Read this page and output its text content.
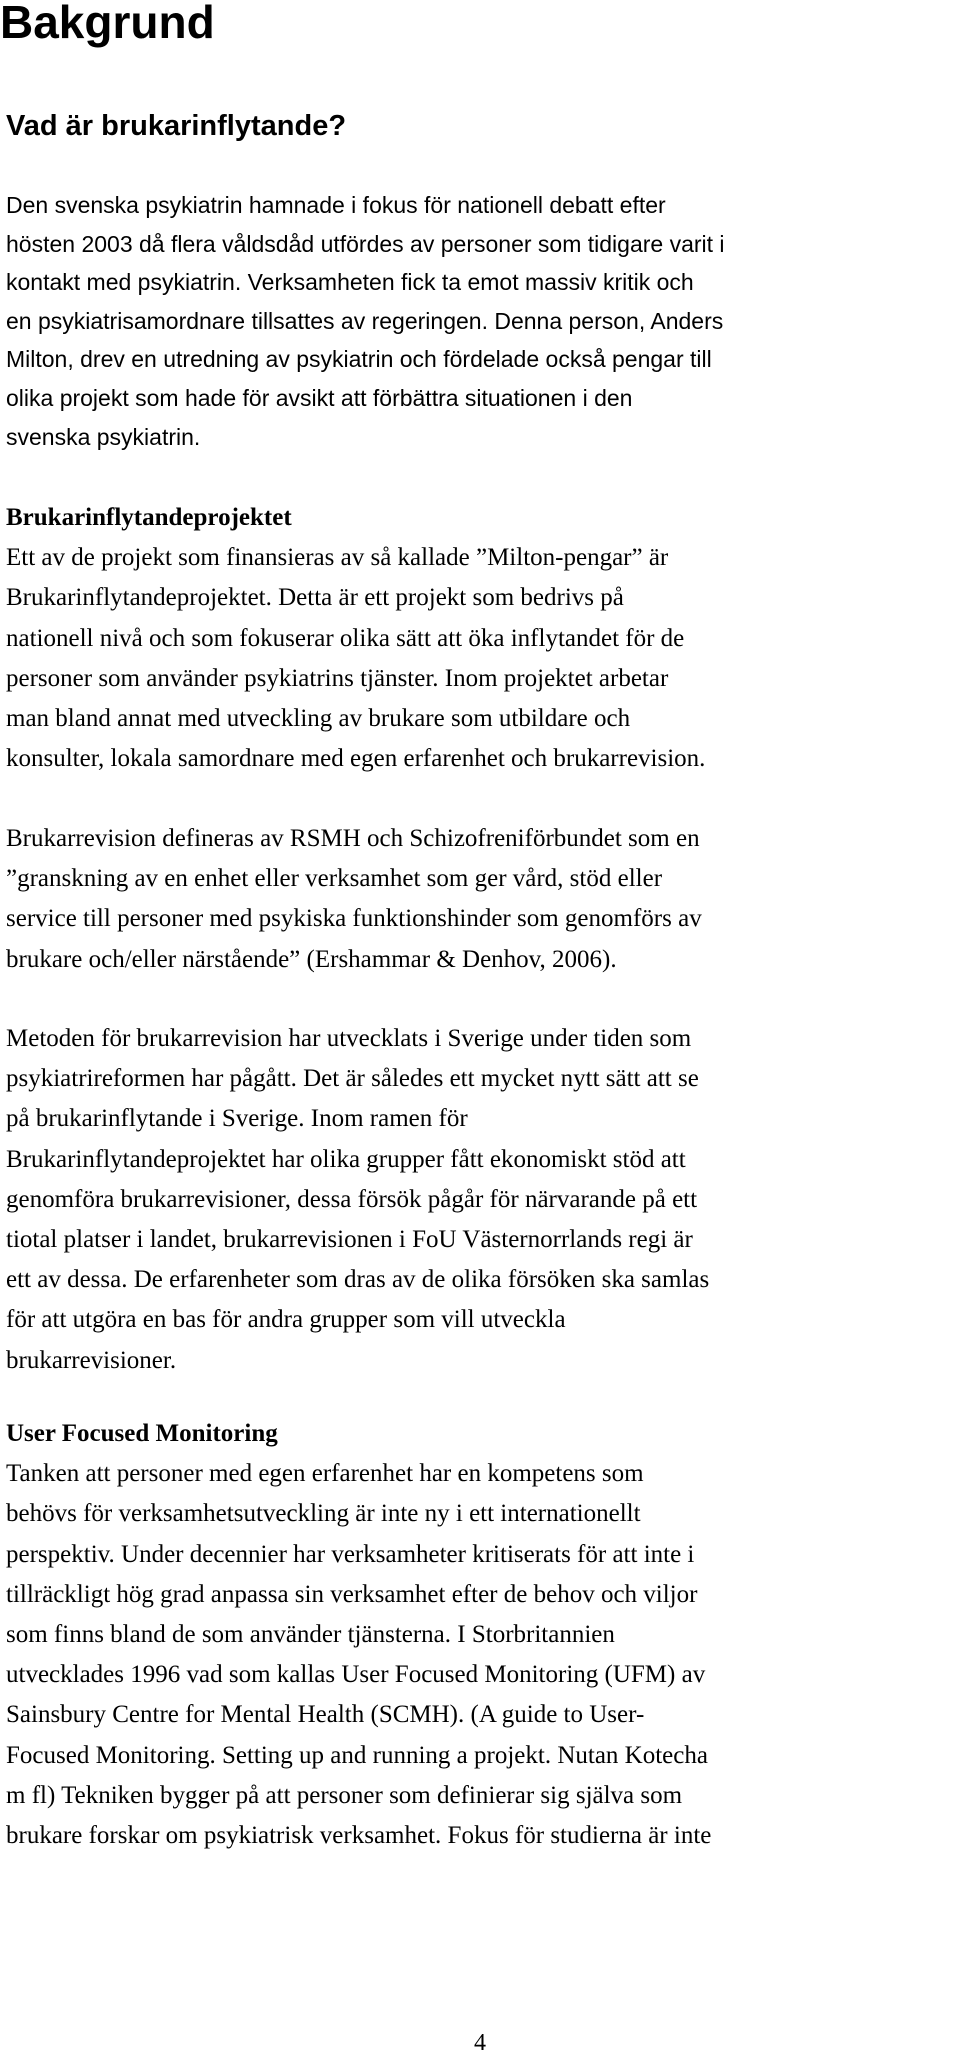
Bakgrund
Vad är brukarinflytande?
Den svenska psykiatrin hamnade i fokus för nationell debatt efter
hösten 2003 då flera våldsdåd utfördes av personer som tidigare varit i
kontakt med psykiatrin. Verksamheten fick ta emot massiv kritik och
en psykiatrisamordnare tillsattes av regeringen. Denna person, Anders
Milton, drev en utredning av psykiatrin och fördelade också pengar till
olika projekt som hade för avsikt att förbättra situationen i den
svenska psykiatrin.
Brukarinflytandeprojektet
Ett av de projekt som finansieras av så kallade ”Milton-pengar” är
Brukarinflytandeprojektet. Detta är ett projekt som bedrivs på
nationell nivå och som fokuserar olika sätt att öka inflytandet för de
personer som använder psykiatrins tjänster. Inom projektet arbetar
man bland annat med utveckling av brukare som utbildare och
konsulter, lokala samordnare med egen erfarenhet och brukarrevision.
Brukarrevision defineras av RSMH och Schizofreniförbundet som en
”granskning av en enhet eller verksamhet som ger vård, stöd eller
service till personer med psykiska funktionshinder som genomförs av
brukare och/eller närstående” (Ershammar & Denhov, 2006).
Metoden för brukarrevision har utvecklats i Sverige under tiden som
psykiatrireformen har pågått. Det är således ett mycket nytt sätt att se
på brukarinflytande i Sverige. Inom ramen för
Brukarinflytandeprojektet har olika grupper fått ekonomiskt stöd att
genomföra brukarrevisioner, dessa försök pågår för närvarande på ett
tiotal platser i landet, brukarrevisionen i FoU Västernorrlands regi är
ett av dessa. De erfarenheter som dras av de olika försöken ska samlas
för att utgöra en bas för andra grupper som vill utveckla
brukarrevisioner.
User Focused Monitoring
Tanken att personer med egen erfarenhet har en kompetens som
behövs för verksamhetsutveckling är inte ny i ett internationellt
perspektiv. Under decennier har verksamheter kritiserats för att inte i
tillräckligt hög grad anpassa sin verksamhet efter de behov och viljor
som finns bland de som använder tjänsterna. I Storbritannien
utvecklades 1996 vad som kallas User Focused Monitoring (UFM) av
Sainsbury Centre for Mental Health (SCMH). (A guide to User-
Focused Monitoring. Setting up and running a projekt. Nutan Kotecha
m fl) Tekniken bygger på att personer som definierar sig själva som
brukare forskar om psykiatrisk verksamhet. Fokus för studierna är inte
4
